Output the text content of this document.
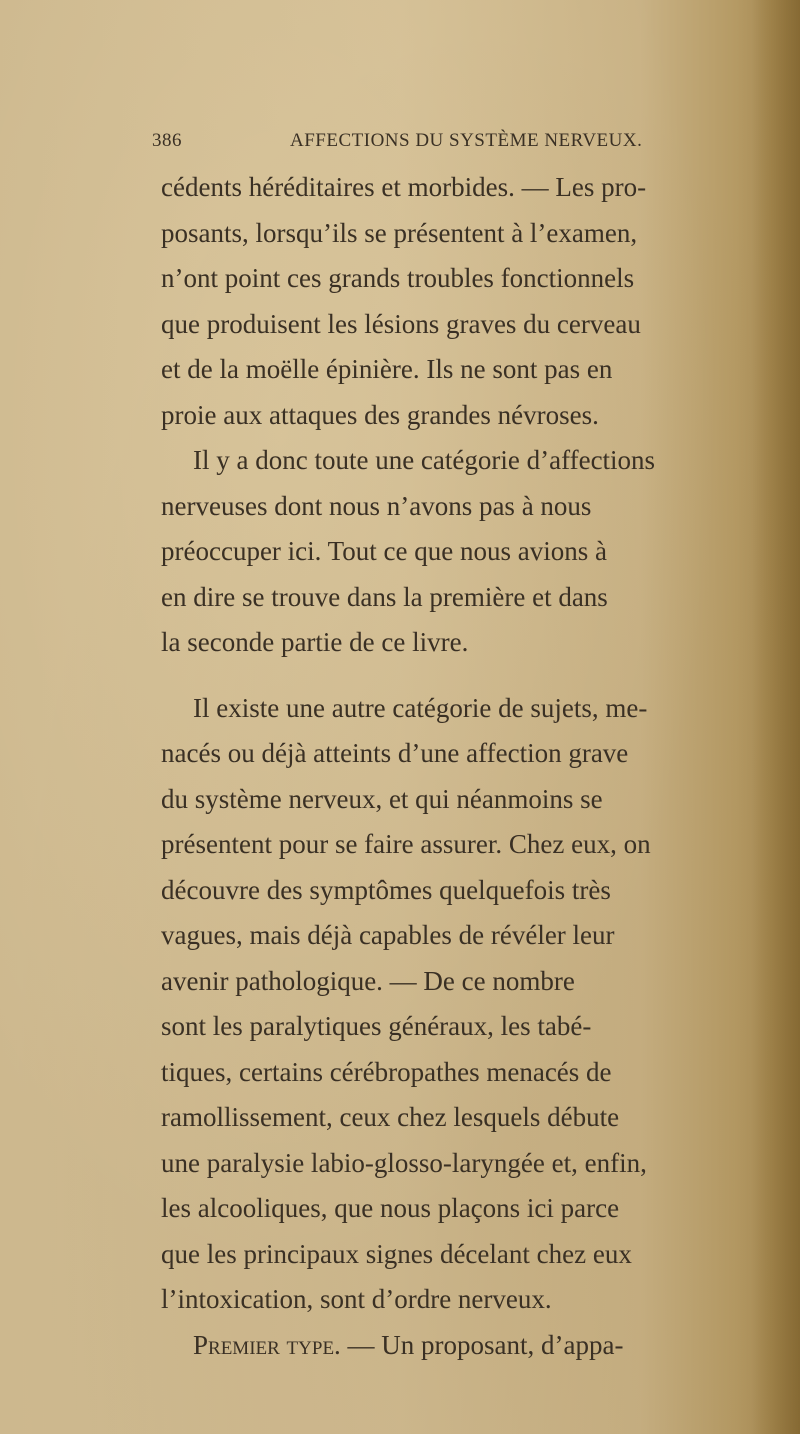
386	AFFECTIONS DU SYSTÈME NERVEUX.
cédents héréditaires et morbides. — Les pro-
posants, lorsqu’ils se présentent à l’examen,
n’ont point ces grands troubles fonctionnels
que produisent les lésions graves du cerveau
et de la moëlle épinière. Ils ne sont pas en
proie aux attaques des grandes névroses.
Il y a donc toute une catégorie d’affections
nerveuses dont nous n’avons pas à nous
préoccuper ici. Tout ce que nous avions à
en dire se trouve dans la première et dans
la seconde partie de ce livre.
Il existe une autre catégorie de sujets, me-
nacés ou déjà atteints d’une affection grave
du système nerveux, et qui néanmoins se
présentent pour se faire assurer. Chez eux, on
découvre des symptômes quelquefois très
vagues, mais déjà capables de révéler leur
avenir pathologique. — De ce nombre
sont les paralytiques généraux, les tabé-
tiques, certains cérébropathes menacés de
ramollissement, ceux chez lesquels débute
une paralysie labio-glosso-laryngée et, enfin,
les alcooliques, que nous plaçons ici parce
que les principaux signes décelant chez eux
l’intoxication, sont d’ordre nerveux.
Premier type. — Un proposant, d’appa-
